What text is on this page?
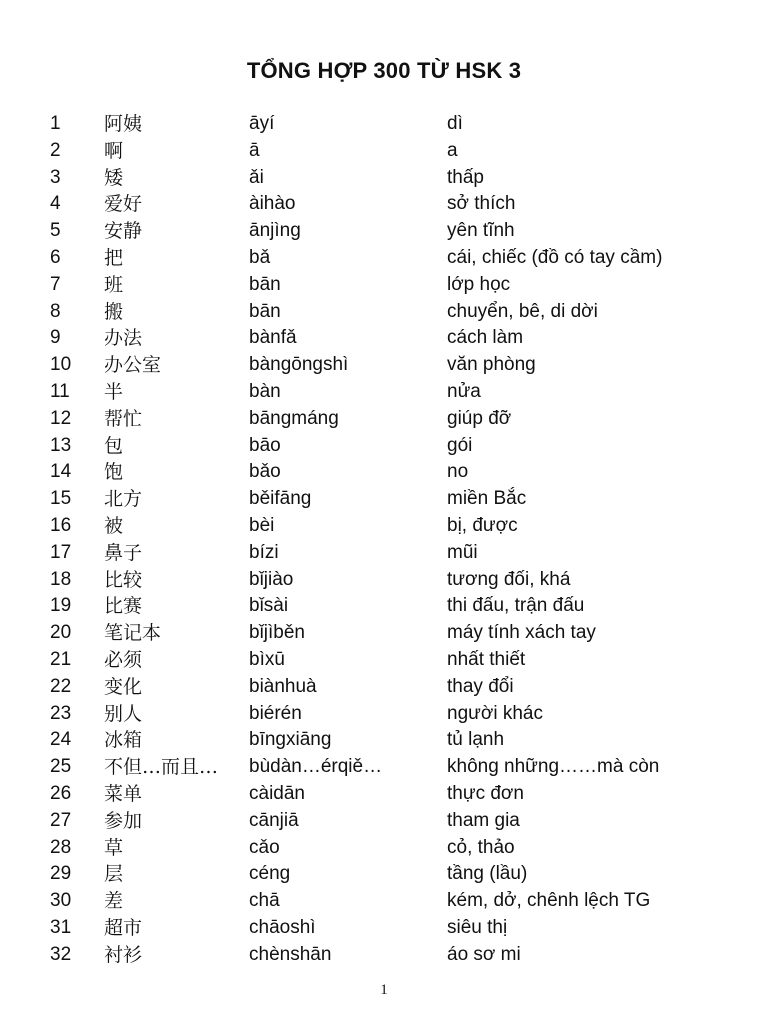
TỔNG HỢP 300 TỪ HSK 3
1 阿姨	āyí	dì
2 啊	ā	a
3 矮	ǎi	thấp
4 爱好	àihào	sở thích
5 安静	ānjìng	yên tĩnh
6 把	bǎ	cái, chiếc (đồ có tay cầm)
7 班	bān	lớp học
8 搬	bān	chuyển, bê, di dời
9 办法	bànfǎ	cách làm
10 办公室	bàngōngshì	văn phòng
11 半	bàn	nửa
12 帮忙	bāngmáng	giúp đỡ
13 包	bāo	gói
14 饱	bǎo	no
15 北方	běifāng	miền Bắc
16 被	bèi	bị, được
17 鼻子	bízi	mũi
18 比较	bǐjiào	tương đối, khá
19 比赛	bǐsài	thi đấu, trận đấu
20 笔记本	bǐjìběn	máy tính xách tay
21 必须	bìxū	nhất thiết
22 变化	biànhuà	thay đổi
23 别人	biérén	người khác
24 冰箱	bīngxiāng	tủ lạnh
25 不但…而且… bùdàn…érqiě…	không những……mà còn
26 菜单	càidān	thực đơn
27 参加	cānjiā	tham gia
28 草	cǎo	cỏ, thảo
29 层	céng	tầng (lầu)
30 差	chā	kém, dở, chênh lệch TG
31 超市	chāoshì	siêu thị
32 衬衫	chènshān	áo sơ mi
1
